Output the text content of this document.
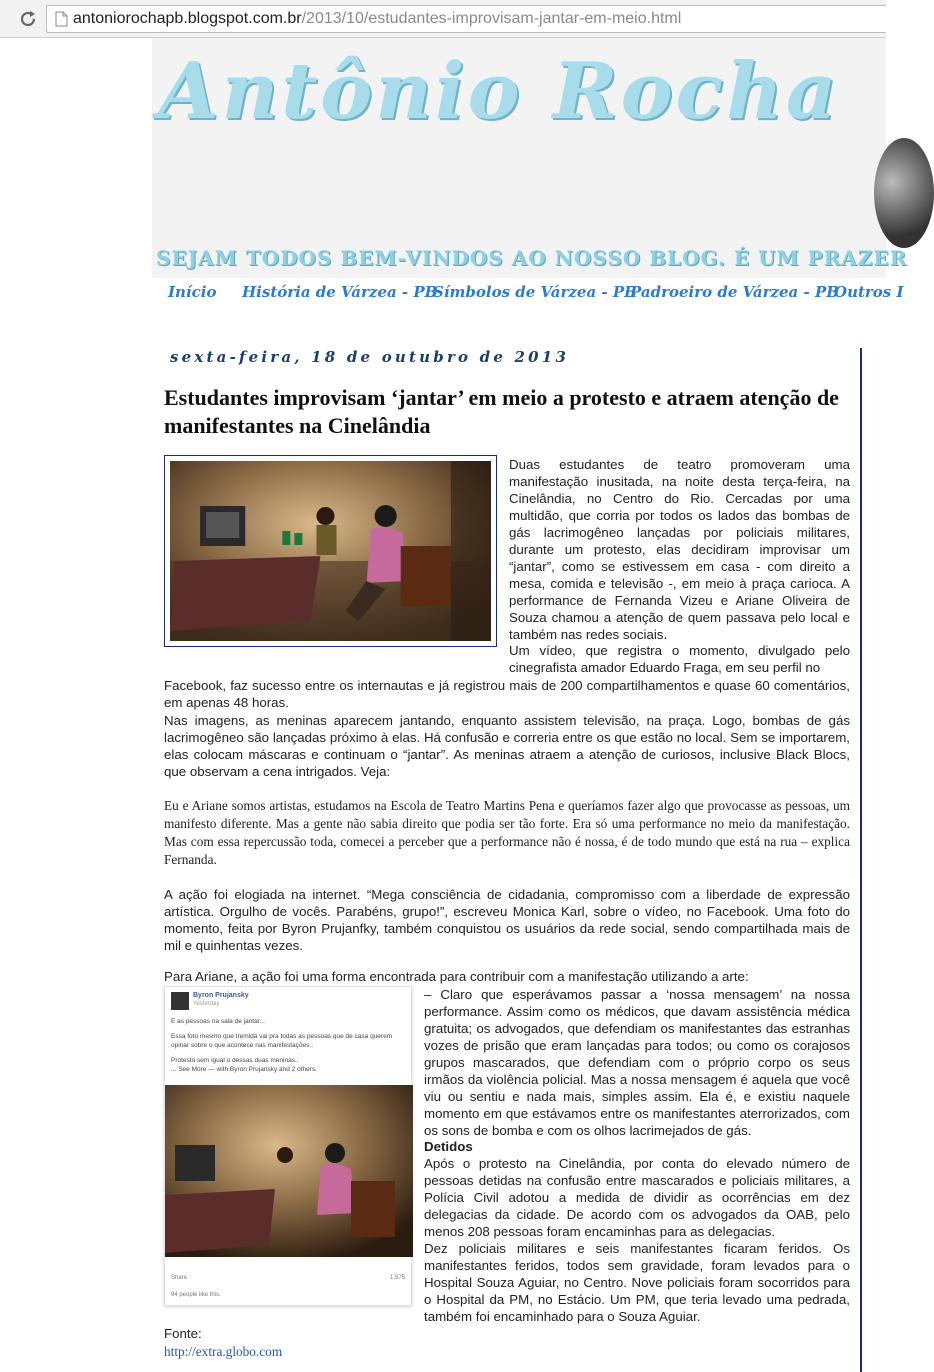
antoniorochapb.blogspot.com.br/2013/10/estudantes-improvisam-jantar-em-meio.html
Antônio Rocha
SEJAM TODOS BEM-VINDOS AO NOSSO BLOG. É UM PRAZER
Início História de Várzea - PB
Símbolos de Várzea - PB
Padroeiro de Várzea - PB
Outros I
sexta-feira, 18 de outubro de 2013
Estudantes improvisam ‘jantar’ em meio a protesto e atraem atenção de manifestantes na Cinelândia

Duas estudantes de teatro promoveram uma manifestação inusitada, na noite desta terça-feira, na Cinelândia, no Centro do Rio. Cercadas por uma multidão, que corria por todos os lados das bombas de gás lacrimogêneo lançadas por policiais militares, durante um protesto, elas decidiram improvisar um “jantar”, como se estivessem em casa - com direito a mesa, comida e televisão -, em meio à praça carioca. A performance de Fernanda Vizeu e Ariane Oliveira de Souza chamou a atenção de quem passava pelo local e também nas redes sociais.

Um vídeo, que registra o momento, divulgado pelo cinegrafista amador Eduardo Fraga, em seu perfil no

Facebook, faz sucesso entre os internautas e já registrou mais de 200 compartilhamentos e quase 60 comentários, em apenas 48 horas.

Nas imagens, as meninas aparecem jantando, enquanto assistem televisão, na praça. Logo, bombas de gás lacrimogêneo são lançadas próximo à elas. Há confusão e correria entre os que estão no local. Sem se importarem, elas colocam máscaras e continuam o “jantar”. As meninas atraem a atenção de curiosos, inclusive Black Blocs, que observam a cena intrigados. Veja:

Eu e Ariane somos artistas, estudamos na Escola de Teatro Martins Pena e queríamos fazer algo que provocasse as pessoas, um manifesto diferente. Mas a gente não sabia direito que podia ser tão forte. Era só uma performance no meio da manifestação. Mas com essa repercussão toda, comecei a perceber que a performance não é nossa, é de todo mundo que está na rua – explica Fernanda.

A ação foi elogiada na internet. “Mega consciência de cidadania, compromisso com a liberdade de expressão artística. Orgulho de vocês. Parabéns, grupo!”, escreveu Monica Karl, sobre o vídeo, no Facebook. Uma foto do momento, feita por Byron Prujanfky, também conquistou os usuários da rede social, sendo compartilhada mais de mil e quinhentas vezes.

Para Ariane, a ação foi uma forma encontrada para contribuir com a manifestação utilizando a arte:

Byron Prujansky
Yesterday
E as pessoas na sala de jantar...
Essa foto mesmo que tremida vai pra todas as pessoas que de casa querem opinar sobre o que acontece nas manifestações..
Protesto sem igual o dessas duas meninas..
... See More — with Byron Prujansky and 2 others.
Share	1,575
94 people like this.

– Claro que esperávamos passar a ‘nossa mensagem’ na nossa performance. Assim como os médicos, que davam assistência médica gratuita; os advogados, que defendiam os manifestantes das estranhas vozes de prisão que eram lançadas para todos; ou como os corajosos grupos mascarados, que defendiam com o próprio corpo os seus irmãos da violência policial. Mas a nossa mensagem é aquela que você viu ou sentiu e nada mais, simples assim. Ela é, e existiu naquele momento em que estávamos entre os manifestantes aterrorizados, com os sons de bomba e com os olhos lacrimejados de gás.

Detidos

Após o protesto na Cinelândia, por conta do elevado número de pessoas detidas na confusão entre mascarados e policiais militares, a Polícia Civil adotou a medida de dividir as ocorrências em dez delegacias da cidade. De acordo com os advogados da OAB, pelo menos 208 pessoas foram encaminhas para as delegacias.

Dez policiais militares e seis manifestantes ficaram feridos. Os manifestantes feridos, todos sem gravidade, foram levados para o Hospital Souza Aguiar, no Centro. Nove policiais foram socorridos para o Hospital da PM, no Estácio. Um PM, que teria levado uma pedrada, também foi encaminhado para o Souza Aguiar.

Fonte:
http://extra.globo.com
